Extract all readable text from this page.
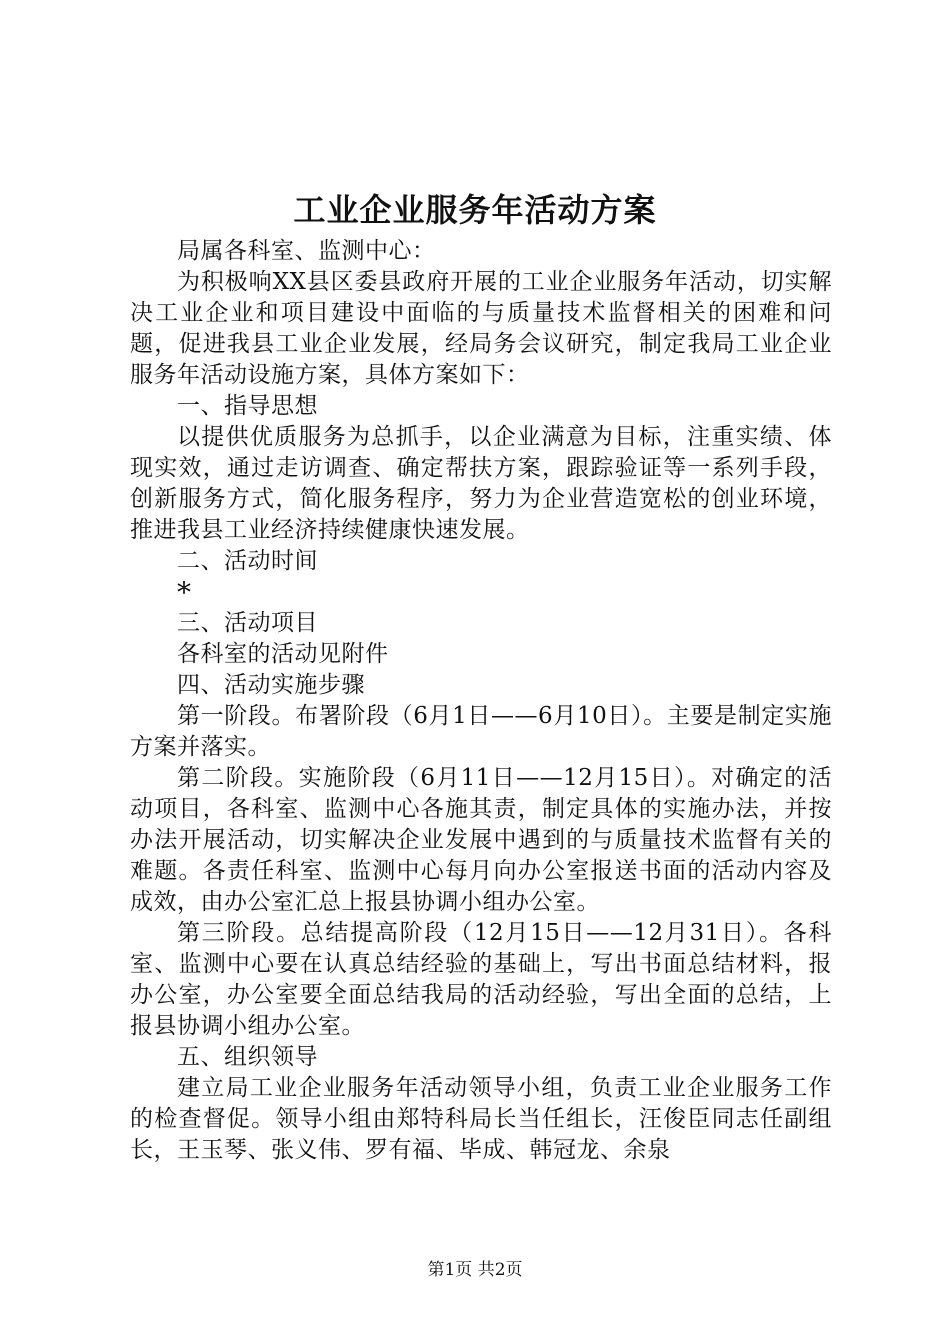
工业企业服务年活动方案

局属各科室、监测中心：

为积极响XX县区委县政府开展的工业企业服务年活动，切实解决工业企业和项目建设中面临的与质量技术监督相关的困难和问题，促进我县工业企业发展，经局务会议研究，制定我局工业企业服务年活动设施方案，具体方案如下：

一、指导思想

以提供优质服务为总抓手，以企业满意为目标，注重实绩、体现实效，通过走访调查、确定帮扶方案，跟踪验证等一系列手段，创新服务方式，简化服务程序，努力为企业营造宽松的创业环境，推进我县工业经济持续健康快速发展。

二、活动时间

*

三、活动项目

各科室的活动见附件

四、活动实施步骤

第一阶段。布署阶段（6月1日——6月10日）。主要是制定实施方案并落实。

第二阶段。实施阶段（6月11日——12月15日）。对确定的活动项目，各科室、监测中心各施其责，制定具体的实施办法，并按办法开展活动，切实解决企业发展中遇到的与质量技术监督有关的难题。各责任科室、监测中心每月向办公室报送书面的活动内容及成效，由办公室汇总上报县协调小组办公室。

第三阶段。总结提高阶段（12月15日——12月31日）。各科室、监测中心要在认真总结经验的基础上，写出书面总结材料，报办公室，办公室要全面总结我局的活动经验，写出全面的总结，上报县协调小组办公室。

五、组织领导

建立局工业企业服务年活动领导小组，负责工业企业服务工作的检查督促。领导小组由郑特科局长当任组长，汪俊臣同志任副组长，王玉琴、张义伟、罗有福、毕成、韩冠龙、余泉

第1页 共2页
